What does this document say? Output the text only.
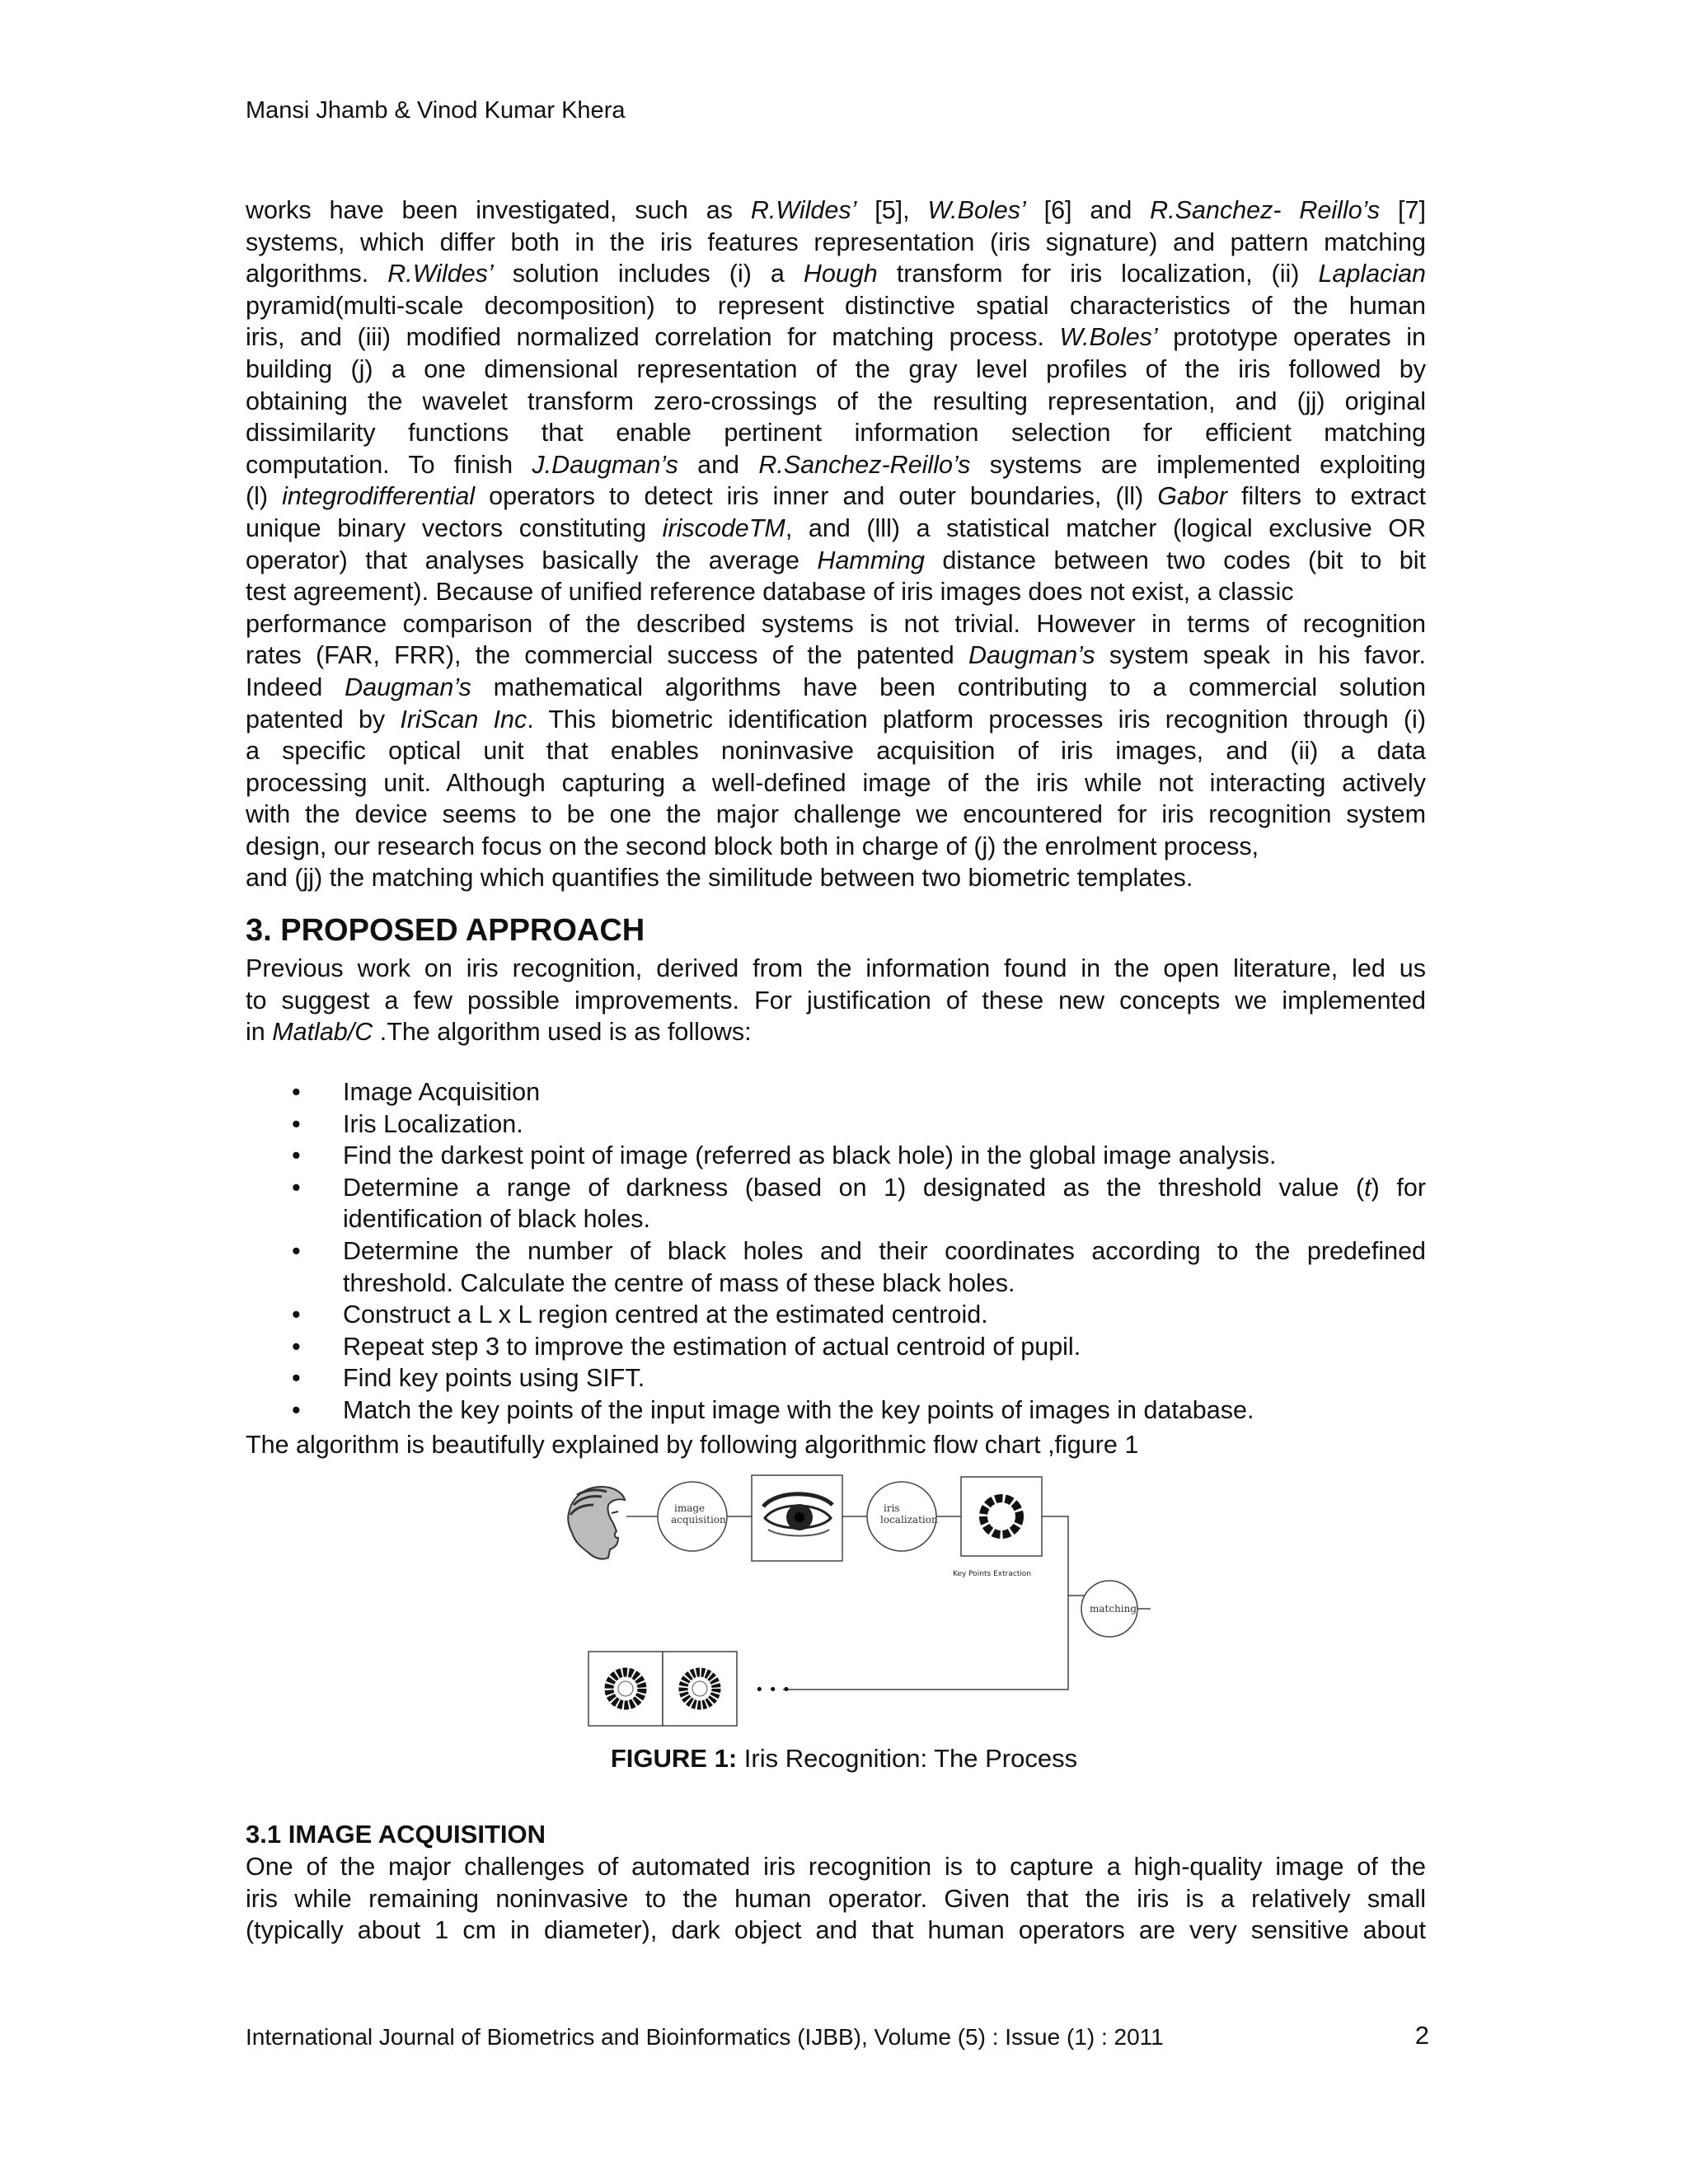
Mansi Jhamb & Vinod Kumar Khera
works have been investigated, such as R.Wildes’ [5], W.Boles’ [6] and R.Sanchez- Reillo’s [7]
systems, which differ both in the iris features representation (iris signature) and pattern matching
algorithms. R.Wildes’ solution includes (i) a Hough transform for iris localization, (ii) Laplacian
pyramid(multi-scale decomposition) to represent distinctive spatial characteristics of the human
iris, and (iii) modified normalized correlation for matching process. W.Boles’ prototype operates in
building (j) a one dimensional representation of the gray level profiles of the iris followed by
obtaining the wavelet transform zero-crossings of the resulting representation, and (jj) original
dissimilarity functions that enable pertinent information selection for efficient matching
computation. To finish J.Daugman’s and R.Sanchez-Reillo’s systems are implemented exploiting
(l) integrodifferential operators to detect iris inner and outer boundaries, (ll) Gabor filters to extract
unique binary vectors constituting iriscodeTM, and (lll) a statistical matcher (logical exclusive OR
operator) that analyses basically the average Hamming distance between two codes (bit to bit
test agreement). Because of unified reference database of iris images does not exist, a classic
performance comparison of the described systems is not trivial. However in terms of recognition
rates (FAR, FRR), the commercial success of the patented Daugman’s system speak in his favor.
Indeed Daugman’s mathematical algorithms have been contributing to a commercial solution
patented by IriScan Inc. This biometric identification platform processes iris recognition through (i)
a specific optical unit that enables noninvasive acquisition of iris images, and (ii) a data
processing unit. Although capturing a well-defined image of the iris while not interacting actively
with the device seems to be one the major challenge we encountered for iris recognition system
design, our research focus on the second block both in charge of (j) the enrolment process,
and (jj) the matching which quantifies the similitude between two biometric templates.
3. PROPOSED APPROACH
Previous work on iris recognition, derived from the information found in the open literature, led us
to suggest a few possible improvements. For justification of these new concepts we implemented
in Matlab/C .The algorithm used is as follows:
• Image Acquisition
• Iris Localization.
• Find the darkest point of image (referred as black hole) in the global image analysis.
• Determine a range of darkness (based on 1) designated as the threshold value (t) for
identification of black holes.
• Determine the number of black holes and their coordinates according to the predefined
threshold. Calculate the centre of mass of these black holes.
• Construct a L x L region centred at the estimated centroid.
• Repeat step 3 to improve the estimation of actual centroid of pupil.
• Find key points using SIFT.
• Match the key points of the input image with the key points of images in database.
The algorithm is beautifully explained by following algorithmic flow chart ,figure 1
image
acquisition
iris
localization
Key Points Extraction
matching
• • •
FIGURE 1: Iris Recognition: The Process
3.1 IMAGE ACQUISITION
One of the major challenges of automated iris recognition is to capture a high-quality image of the
iris while remaining noninvasive to the human operator. Given that the iris is a relatively small
(typically about 1 cm in diameter), dark object and that human operators are very sensitive about
International Journal of Biometrics and Bioinformatics (IJBB), Volume (5) : Issue (1) : 2011	2
